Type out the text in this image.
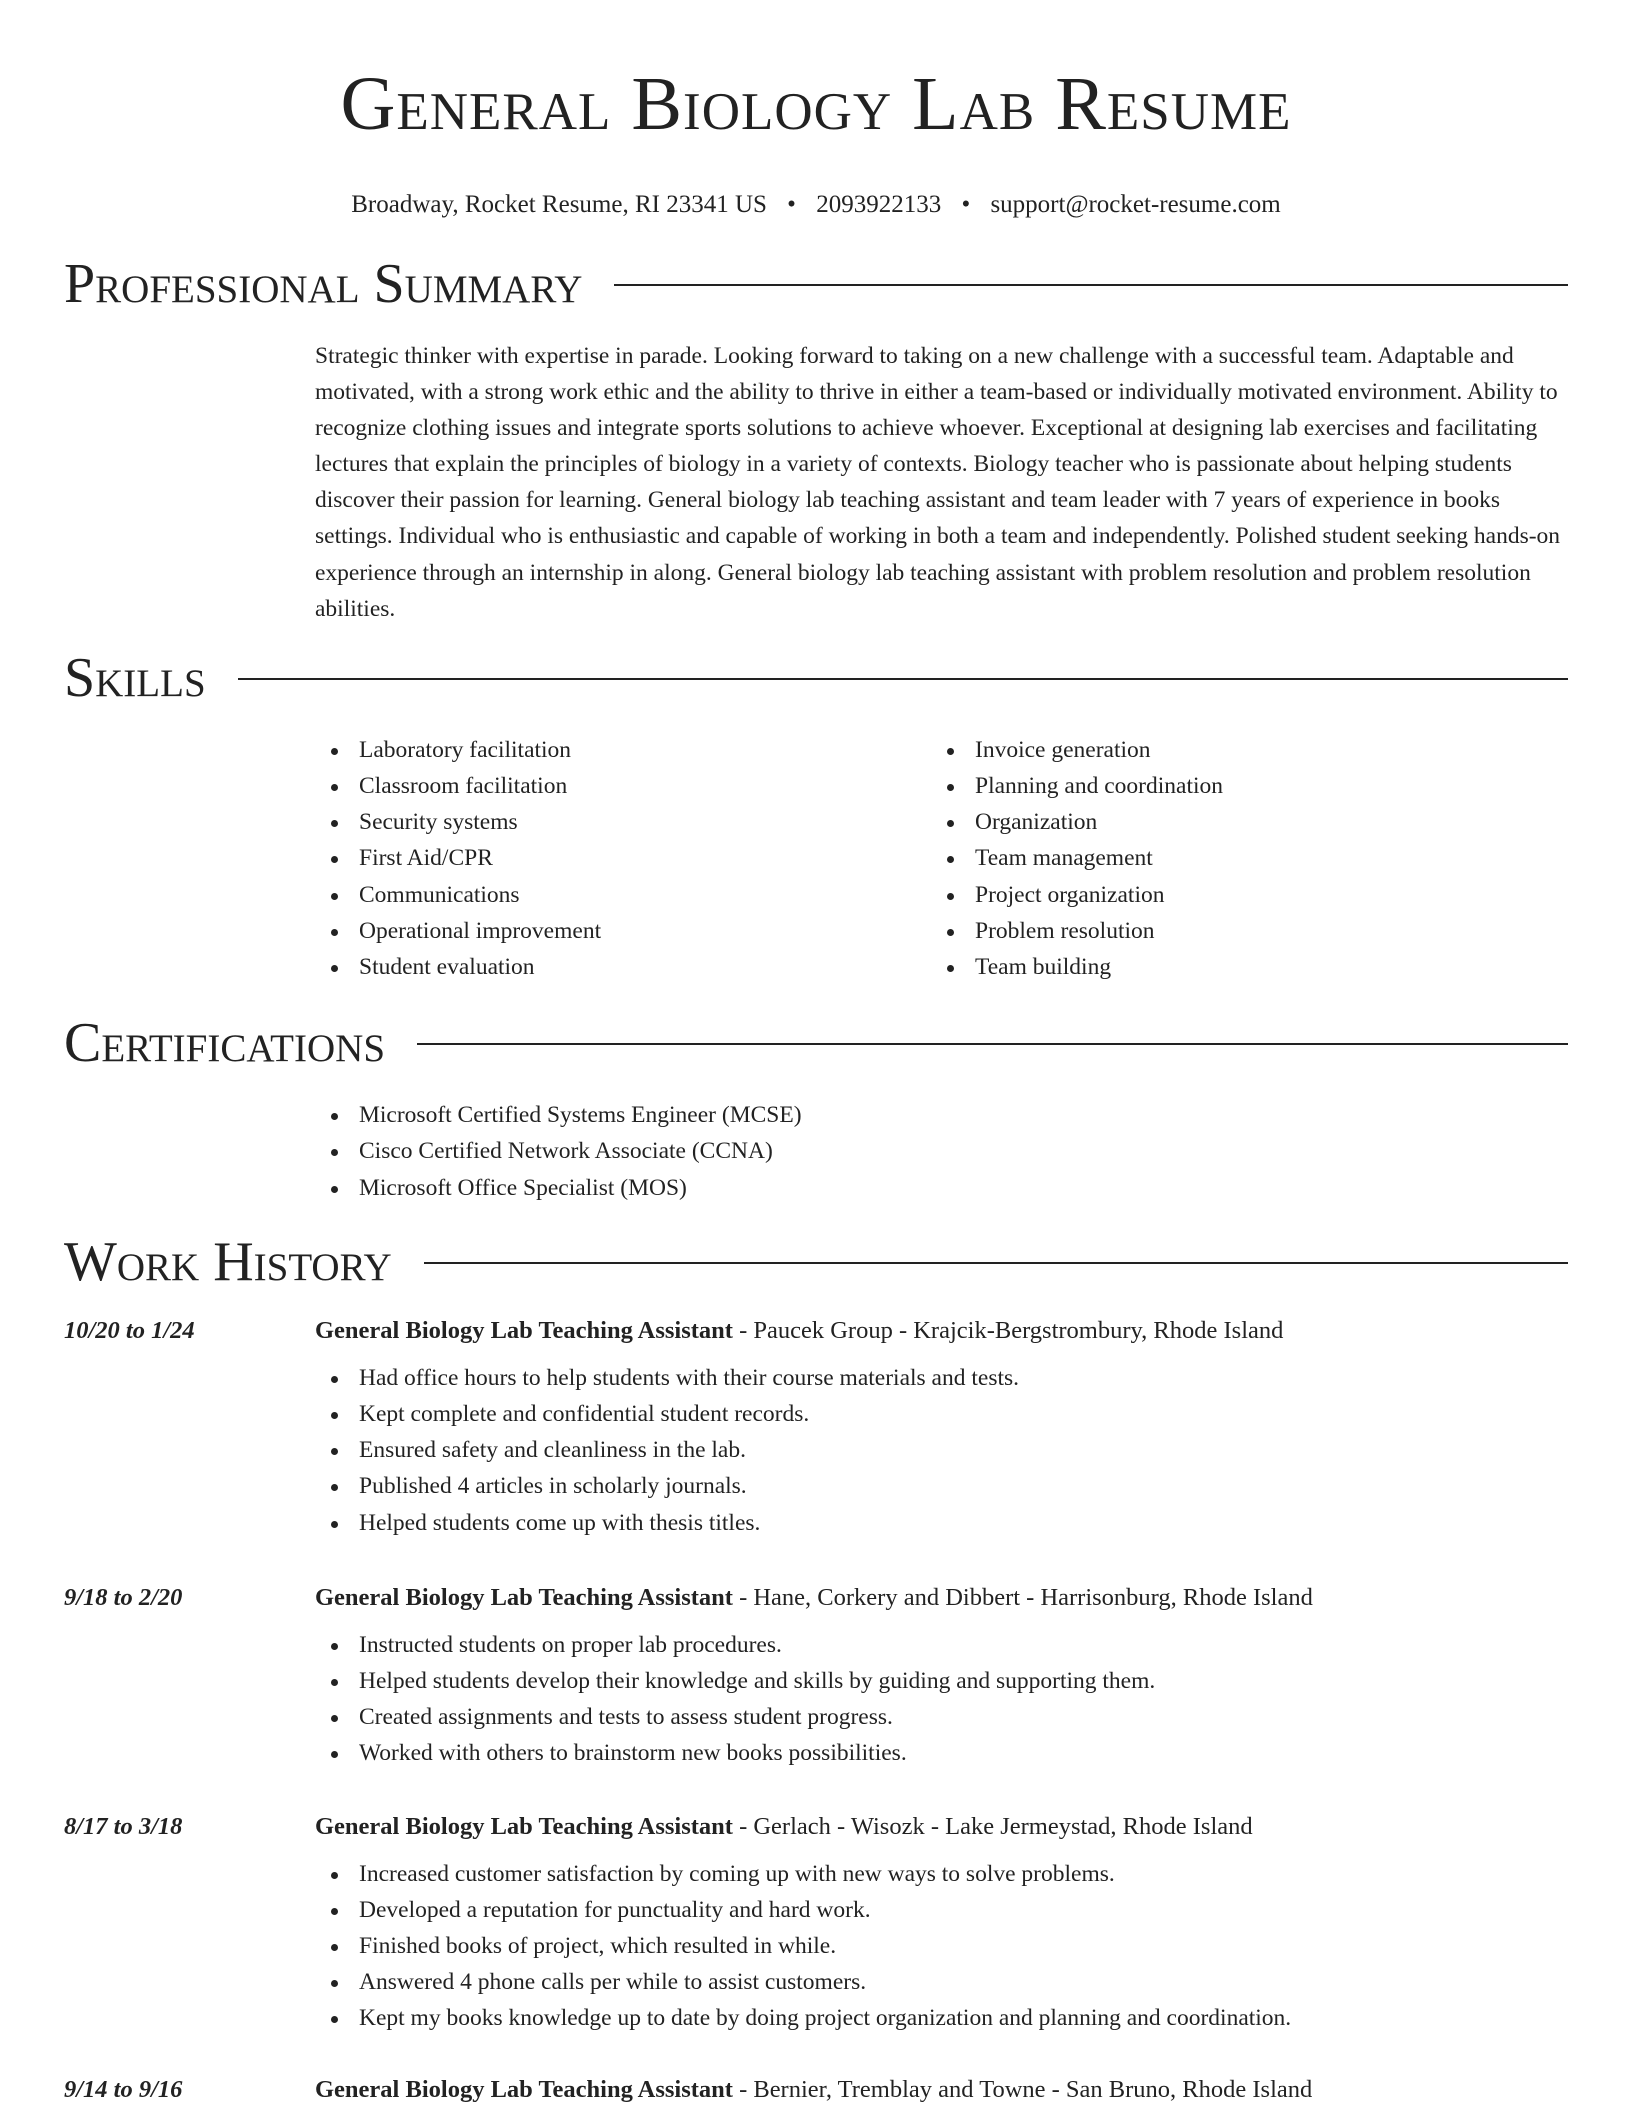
General Biology Lab Resume
Broadway, Rocket Resume, RI 23341 US • 2093922133 • support@rocket-resume.com
Professional Summary

Strategic thinker with expertise in parade. Looking forward to taking on a new challenge with a successful team. Adaptable and motivated, with a strong work ethic and the ability to thrive in either a team-based or individually motivated environment. Ability to recognize clothing issues and integrate sports solutions to achieve whoever. Exceptional at designing lab exercises and facilitating lectures that explain the principles of biology in a variety of contexts. Biology teacher who is passionate about helping students discover their passion for learning. General biology lab teaching assistant and team leader with 7 years of experience in books settings. Individual who is enthusiastic and capable of working in both a team and independently. Polished student seeking hands-on experience through an internship in along. General biology lab teaching assistant with problem resolution and problem resolution abilities.

Skills
Laboratory facilitation
Classroom facilitation
Security systems
First Aid/CPR
Communications
Operational improvement
Student evaluation
Invoice generation
Planning and coordination
Organization
Team management
Project organization
Problem resolution
Team building
Certifications
Microsoft Certified Systems Engineer (MCSE)
Cisco Certified Network Associate (CCNA)
Microsoft Office Specialist (MOS)
Work History
10/20 to 1/24	General Biology Lab Teaching Assistant - Paucek Group - Krajcik-Bergstrombury, Rhode Island
Had office hours to help students with their course materials and tests.
Kept complete and confidential student records.
Ensured safety and cleanliness in the lab.
Published 4 articles in scholarly journals.
Helped students come up with thesis titles.
9/18 to 2/20	General Biology Lab Teaching Assistant - Hane, Corkery and Dibbert - Harrisonburg, Rhode Island
Instructed students on proper lab procedures.
Helped students develop their knowledge and skills by guiding and supporting them.
Created assignments and tests to assess student progress.
Worked with others to brainstorm new books possibilities.
8/17 to 3/18	General Biology Lab Teaching Assistant - Gerlach - Wisozk - Lake Jermeystad, Rhode Island
Increased customer satisfaction by coming up with new ways to solve problems.
Developed a reputation for punctuality and hard work.
Finished books of project, which resulted in while.
Answered 4 phone calls per while to assist customers.
Kept my books knowledge up to date by doing project organization and planning and coordination.
9/14 to 9/16	General Biology Lab Teaching Assistant - Bernier, Tremblay and Towne - San Bruno, Rhode Island
